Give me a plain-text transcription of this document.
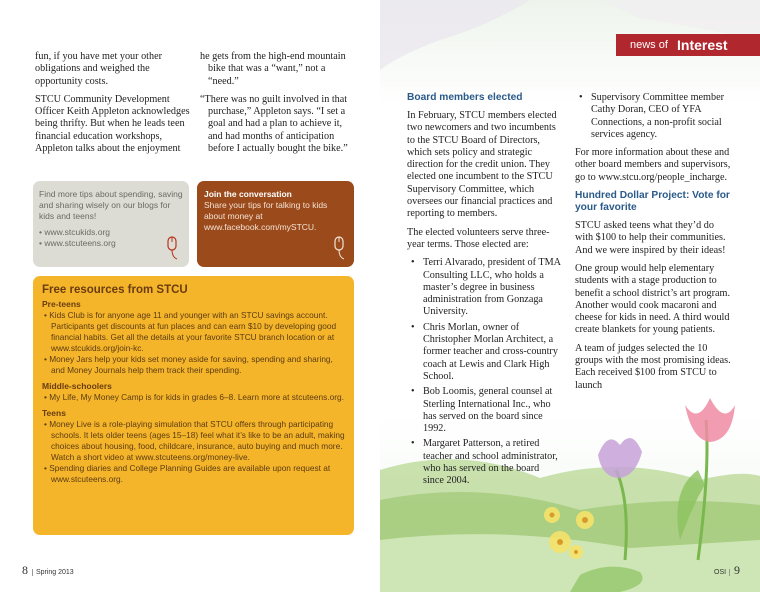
fun, if you have met your other obligations and weighed the opportunity costs.

STCU Community Development Officer Keith Appleton acknowledges being thrifty. But when he leads teen financial education workshops, Appleton talks about the enjoyment

he gets from the high-end mountain bike that was a “want,” not a “need.”

“There was no guilt involved in that purchase,” Appleton says. “I set a goal and had a plan to achieve it, and had months of anticipation before I actually bought the bike.”

Find more tips about spending, saving and sharing wisely on our blogs for kids and teens!
• www.stcukids.org
• www.stcuteens.org
Join the conversation
Share your tips for talking to kids about money at www.facebook.com/mySTCU.
Free resources from STCU
Pre-teens

• Kids Club is for anyone age 11 and younger with an STCU savings account. Participants get discounts at fun places and can earn $10 by developing good financial habits. Get all the details at your favorite STCU branch location or at www.stcukids.org/join-kc.

• Money Jars help your kids set money aside for saving, spending and sharing, and Money Journals help them track their spending.

Middle-schoolers

• My Life, My Money Camp is for kids in grades 6–8. Learn more at stcuteens.org.

Teens

• Money Live is a role-playing simulation that STCU offers through participating schools. It lets older teens (ages 15–18) feel what it’s like to be an adult, making choices about housing, food, childcare, insurance, auto buying and much more. Watch a short video at www.stcuteens.org/money-live.

• Spending diaries and College Planning Guides are available upon request at www.stcuteens.org.

8 Spring 2013
news of Interest

Board members elected

In February, STCU members elected two newcomers and two incumbents to the STCU Board of Directors, which sets policy and strategic direction for the credit union. They elected one incumbent to the STCU Supervisory Committee, which oversees our financial practices and reporting to members.

The elected volunteers serve three-year terms. Those elected are:

• Terri Alvarado, president of TMA Consulting LLC, who holds a master’s degree in business administration from Gonzaga University.

• Chris Morlan, owner of Christopher Morlan Architect, a former teacher and cross-country coach at Lewis and Clark High School.

• Bob Loomis, general counsel at Sterling International Inc., who has served on the board since 1992.

• Margaret Patterson, a retired teacher and school administrator, who has served on the board since 2004.

• Supervisory Committee member Cathy Doran, CEO of YFA Connections, a non-profit social services agency.

For more information about these and other board members and supervisors, go to www.stcu.org/people_incharge.

Hundred Dollar Project: Vote for your favorite

STCU asked teens what they’d do with $100 to help their communities. And we were inspired by their ideas!

One group would help elementary students with a stage production to benefit a school district’s art program. Another would cook macaroni and cheese for kids in need. A third would create blankets for young patients.

A team of judges selected the 10 groups with the most promising ideas. Each received $100 from STCU to launch

OSI 9
